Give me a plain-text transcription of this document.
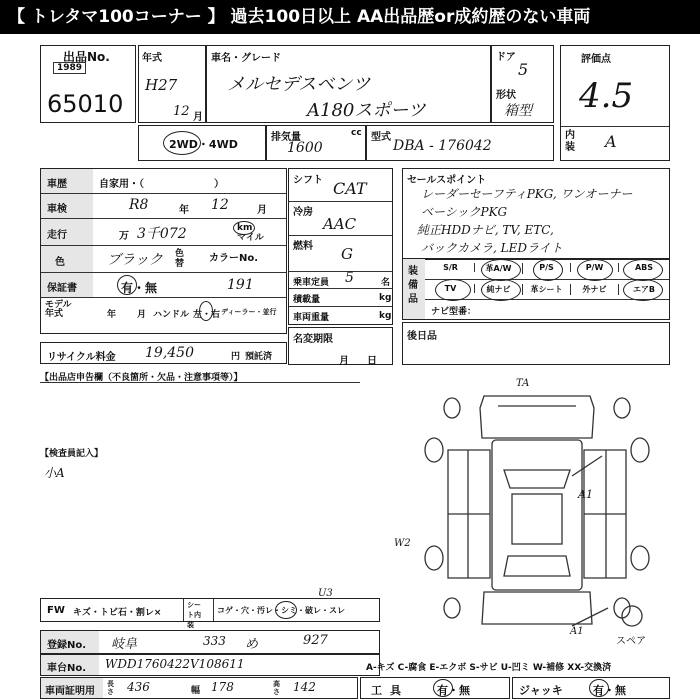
【 トレタマ100コーナー 】 過去100日以上 AA出品歴or成約歴のない車両
出品No.
1989
65010
年式
H27
12 月
車名・グレード
メルセデスベンツ
A180スポーツ
ドア
5
形状
箱型
評価点
4.5
内装 A
2WD・4WD
排気量
1600
cc 型式
DBA - 176042
車歴	自家用・（　　　　　　　）
車検	R8	年 12	月
走行	万 3千072	km
マイル
色	ブラック 色替 カラーNo.
保証書	有・無	191
モデル年式	年 月 ハンドル 左・右 ディーラー・並行
リサイクル料金 19,450	円 預託済
シフト CAT
冷房
AAC
燃料 G
乗車定員 5	名
積載量	kg
車両重量	kg
名変期限
月日
セールスポイント
レーダーセーフティPKG, ワンオーナー
ベーシックPKG
純正HDDナビ, TV, ETC,
バックカメラ, LEDライト
装備品
S/R	革A/W	P/S	P/W	ABS
TV	純ナビ	革シート	外ナビ	エアB
ナビ型番：
後日品
【出品店申告欄（不良箇所・欠品・注意事項等）】
【検査員記入】
小A
TA
A1
W2
U3
A1
スペア
FW キズ・トビ石・割レ×
シート内装
コゲ・穴・汚レ・シミ・破レ・スレ
登録No.	岐阜	333 め	927
車台No.	WDD1760422V108611	A-キズ C-腐食 E-エクボ S-サビ U-凹ミ W-補修 XX-交換済
車両証明用
長さ 436	幅 178	高さ 142	工具	有・無	ジャッキ	有・無
